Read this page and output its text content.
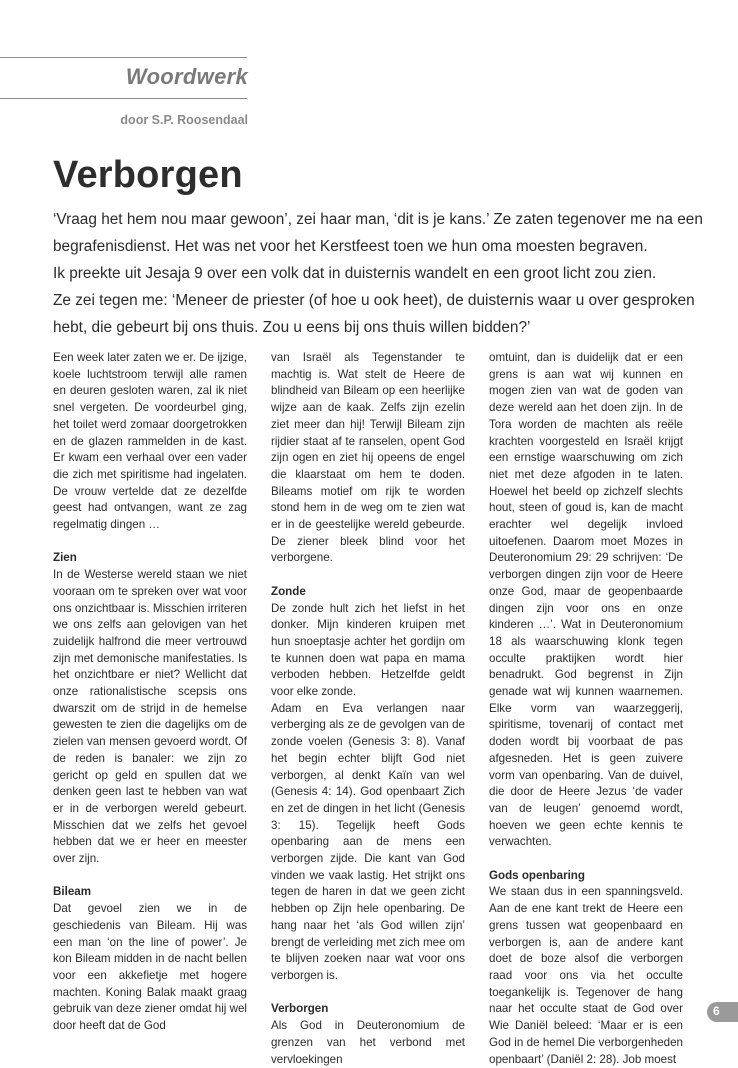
Woordwerk
door S.P. Roosendaal
Verborgen

‘Vraag het hem nou maar gewoon’, zei haar man, ‘dit is je kans.’ Ze zaten tegenover me na een begrafenisdienst. Het was net voor het Kerstfeest toen we hun oma moesten begraven.

Ik preekte uit Jesaja 9 over een volk dat in duisternis wandelt en een groot licht zou zien.

Ze zei tegen me: ‘Meneer de priester (of hoe u ook heet), de duisternis waar u over gesproken hebt, die gebeurt bij ons thuis. Zou u eens bij ons thuis willen bidden?’

Een week later zaten we er. De ijzige, koele luchtstroom terwijl alle ramen en deuren gesloten waren, zal ik niet snel vergeten. De voordeurbel ging, het toilet werd zomaar doorgetrokken en de glazen rammelden in de kast. Er kwam een verhaal over een vader die zich met spiritisme had ingelaten. De vrouw vertelde dat ze dezelfde geest had ontvangen, want ze zag regelmatig dingen …

Zien

In de Westerse wereld staan we niet vooraan om te spreken over wat voor ons onzichtbaar is. Misschien irriteren we ons zelfs aan gelovigen van het zuidelijk halfrond die meer vertrouwd zijn met demonische manifestaties. Is het onzichtbare er niet? Wellicht dat onze rationalistische scepsis ons dwarszit om de strijd in de hemelse gewesten te zien die dagelijks om de zielen van mensen gevoerd wordt. Of de reden is banaler: we zijn zo gericht op geld en spullen dat we denken geen last te hebben van wat er in de verborgen wereld gebeurt. Misschien dat we zelfs het gevoel hebben dat we er heer en meester over zijn.

Bileam

Dat gevoel zien we in de geschiedenis van Bileam. Hij was een man ‘on the line of power’. Je kon Bileam midden in de nacht bellen voor een akkefietje met hogere machten. Koning Balak maakt graag gebruik van deze ziener omdat hij wel door heeft dat de God

van Israël als Tegenstander te machtig is. Wat stelt de Heere de blindheid van Bileam op een heerlijke wijze aan de kaak. Zelfs zijn ezelin ziet meer dan hij! Terwijl Bileam zijn rijdier staat af te ranselen, opent God zijn ogen en ziet hij opeens de engel die klaarstaat om hem te doden. Bileams motief om rijk te worden stond hem in de weg om te zien wat er in de geestelijke wereld gebeurde. De ziener bleek blind voor het verborgene.

Zonde

De zonde hult zich het liefst in het donker. Mijn kinderen kruipen met hun snoeptasje achter het gordijn om te kunnen doen wat papa en mama verboden hebben. Hetzelfde geldt voor elke zonde.

Adam en Eva verlangen naar verberging als ze de gevolgen van de zonde voelen (Genesis 3: 8). Vanaf het begin echter blijft God niet verborgen, al denkt Kaïn van wel (Genesis 4: 14). God openbaart Zich en zet de dingen in het licht (Genesis 3: 15). Tegelijk heeft Gods openbaring aan de mens een verborgen zijde. Die kant van God vinden we vaak lastig. Het strijkt ons tegen de haren in dat we geen zicht hebben op Zijn hele openbaring. De hang naar het ‘als God willen zijn’ brengt de verleiding met zich mee om te blijven zoeken naar wat voor ons verborgen is.

Verborgen

Als God in Deuteronomium de grenzen van het verbond met vervloekingen

omtuint, dan is duidelijk dat er een grens is aan wat wij kunnen en mogen zien van wat de goden van deze wereld aan het doen zijn. In de Tora worden de machten als reële krachten voorgesteld en Israël krijgt een ernstige waarschuwing om zich niet met deze afgoden in te laten. Hoewel het beeld op zichzelf slechts hout, steen of goud is, kan de macht erachter wel degelijk invloed uitoefenen. Daarom moet Mozes in Deuteronomium 29: 29 schrijven: ‘De verborgen dingen zijn voor de Heere onze God, maar de geopenbaarde dingen zijn voor ons en onze kinderen …’. Wat in Deuteronomium 18 als waarschuwing klonk tegen occulte praktijken wordt hier benadrukt. God begrenst in Zijn genade wat wij kunnen waarnemen. Elke vorm van waarzeggerij, spiritisme, tovenarij of contact met doden wordt bij voorbaat de pas afgesneden. Het is geen zuivere vorm van openbaring. Van de duivel, die door de Heere Jezus ‘de vader van de leugen’ genoemd wordt, hoeven we geen echte kennis te verwachten.

Gods openbaring

We staan dus in een spanningsveld. Aan de ene kant trekt de Heere een grens tussen wat geopenbaard en verborgen is, aan de andere kant doet de boze alsof die verborgen raad voor ons via het occulte toegankelijk is. Tegenover de hang naar het occulte staat de God over Wie Daniël beleed: ‘Maar er is een God in de hemel Die verborgenheden openbaart’ (Daniël 2: 28). Job moest

6
